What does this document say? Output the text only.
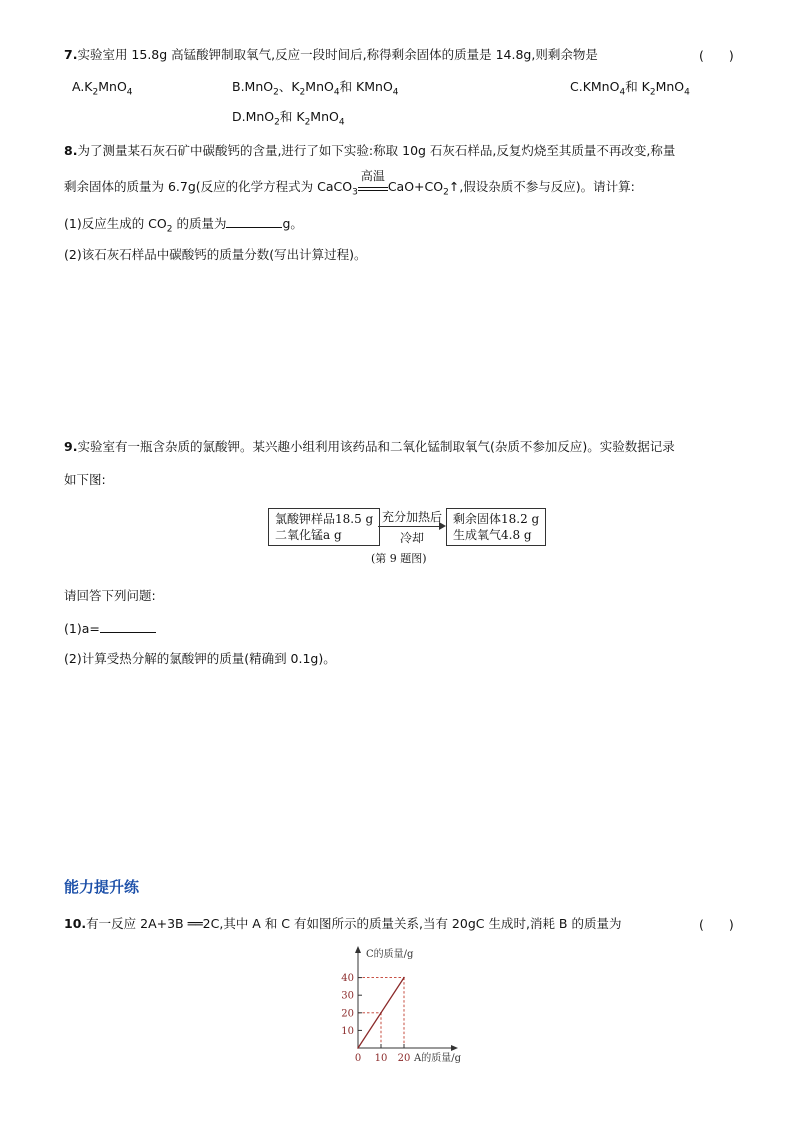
7.实验室用 15.8g 高锰酸钾制取氧气,反应一段时间后,称得剩余固体的质量是 14.8g,则剩余物是	(　　)
$A.K_2MnO_4$	B.MnO$_2$、$K_2MnO_4$和 KMnO$_4$	C.KMnO$_4$和 $K_2MnO_4$
D.MnO$_2$和 $K_2MnO_4$
8.为了测量某石灰石矿中碳酸钙的含量,进行了如下实验:称取 10g 石灰石样品,反复灼烧至其质量不再改变,称量
剩余固体的质量为 6.7g(反应的化学方程式为 CaCO$_3$
高温
$CaO+CO_2↑$,假设杂质不参与反应)。请计算:
(1)反应生成的 $CO_2$ 的质量为	g。
(2)该石灰石样品中碳酸钙的质量分数(写出计算过程)。
9.实验室有一瓶含杂质的氯酸钾。某兴趣小组利用该药品和二氧化锰制取氧气(杂质不参加反应)。实验数据记录
如下图:
氯酸钾样品18.5 g
二氧化锰a g
充分加热后
冷却
剩余固体18.2 g
生成氧气4.8 g
(第 9 题图)
请回答下列问题:
(1)a=
(2)计算受热分解的氯酸钾的质量(精确到 0.1g)。
能力提升练
10.有一反应 2A+3B ══2C,其中 A 和 C 有如图所示的质量关系,当有 20gC 生成时,消耗 B 的质量为	(　　)
10
20
30
40
0 10 20
C的质量/g
A的质量/g
